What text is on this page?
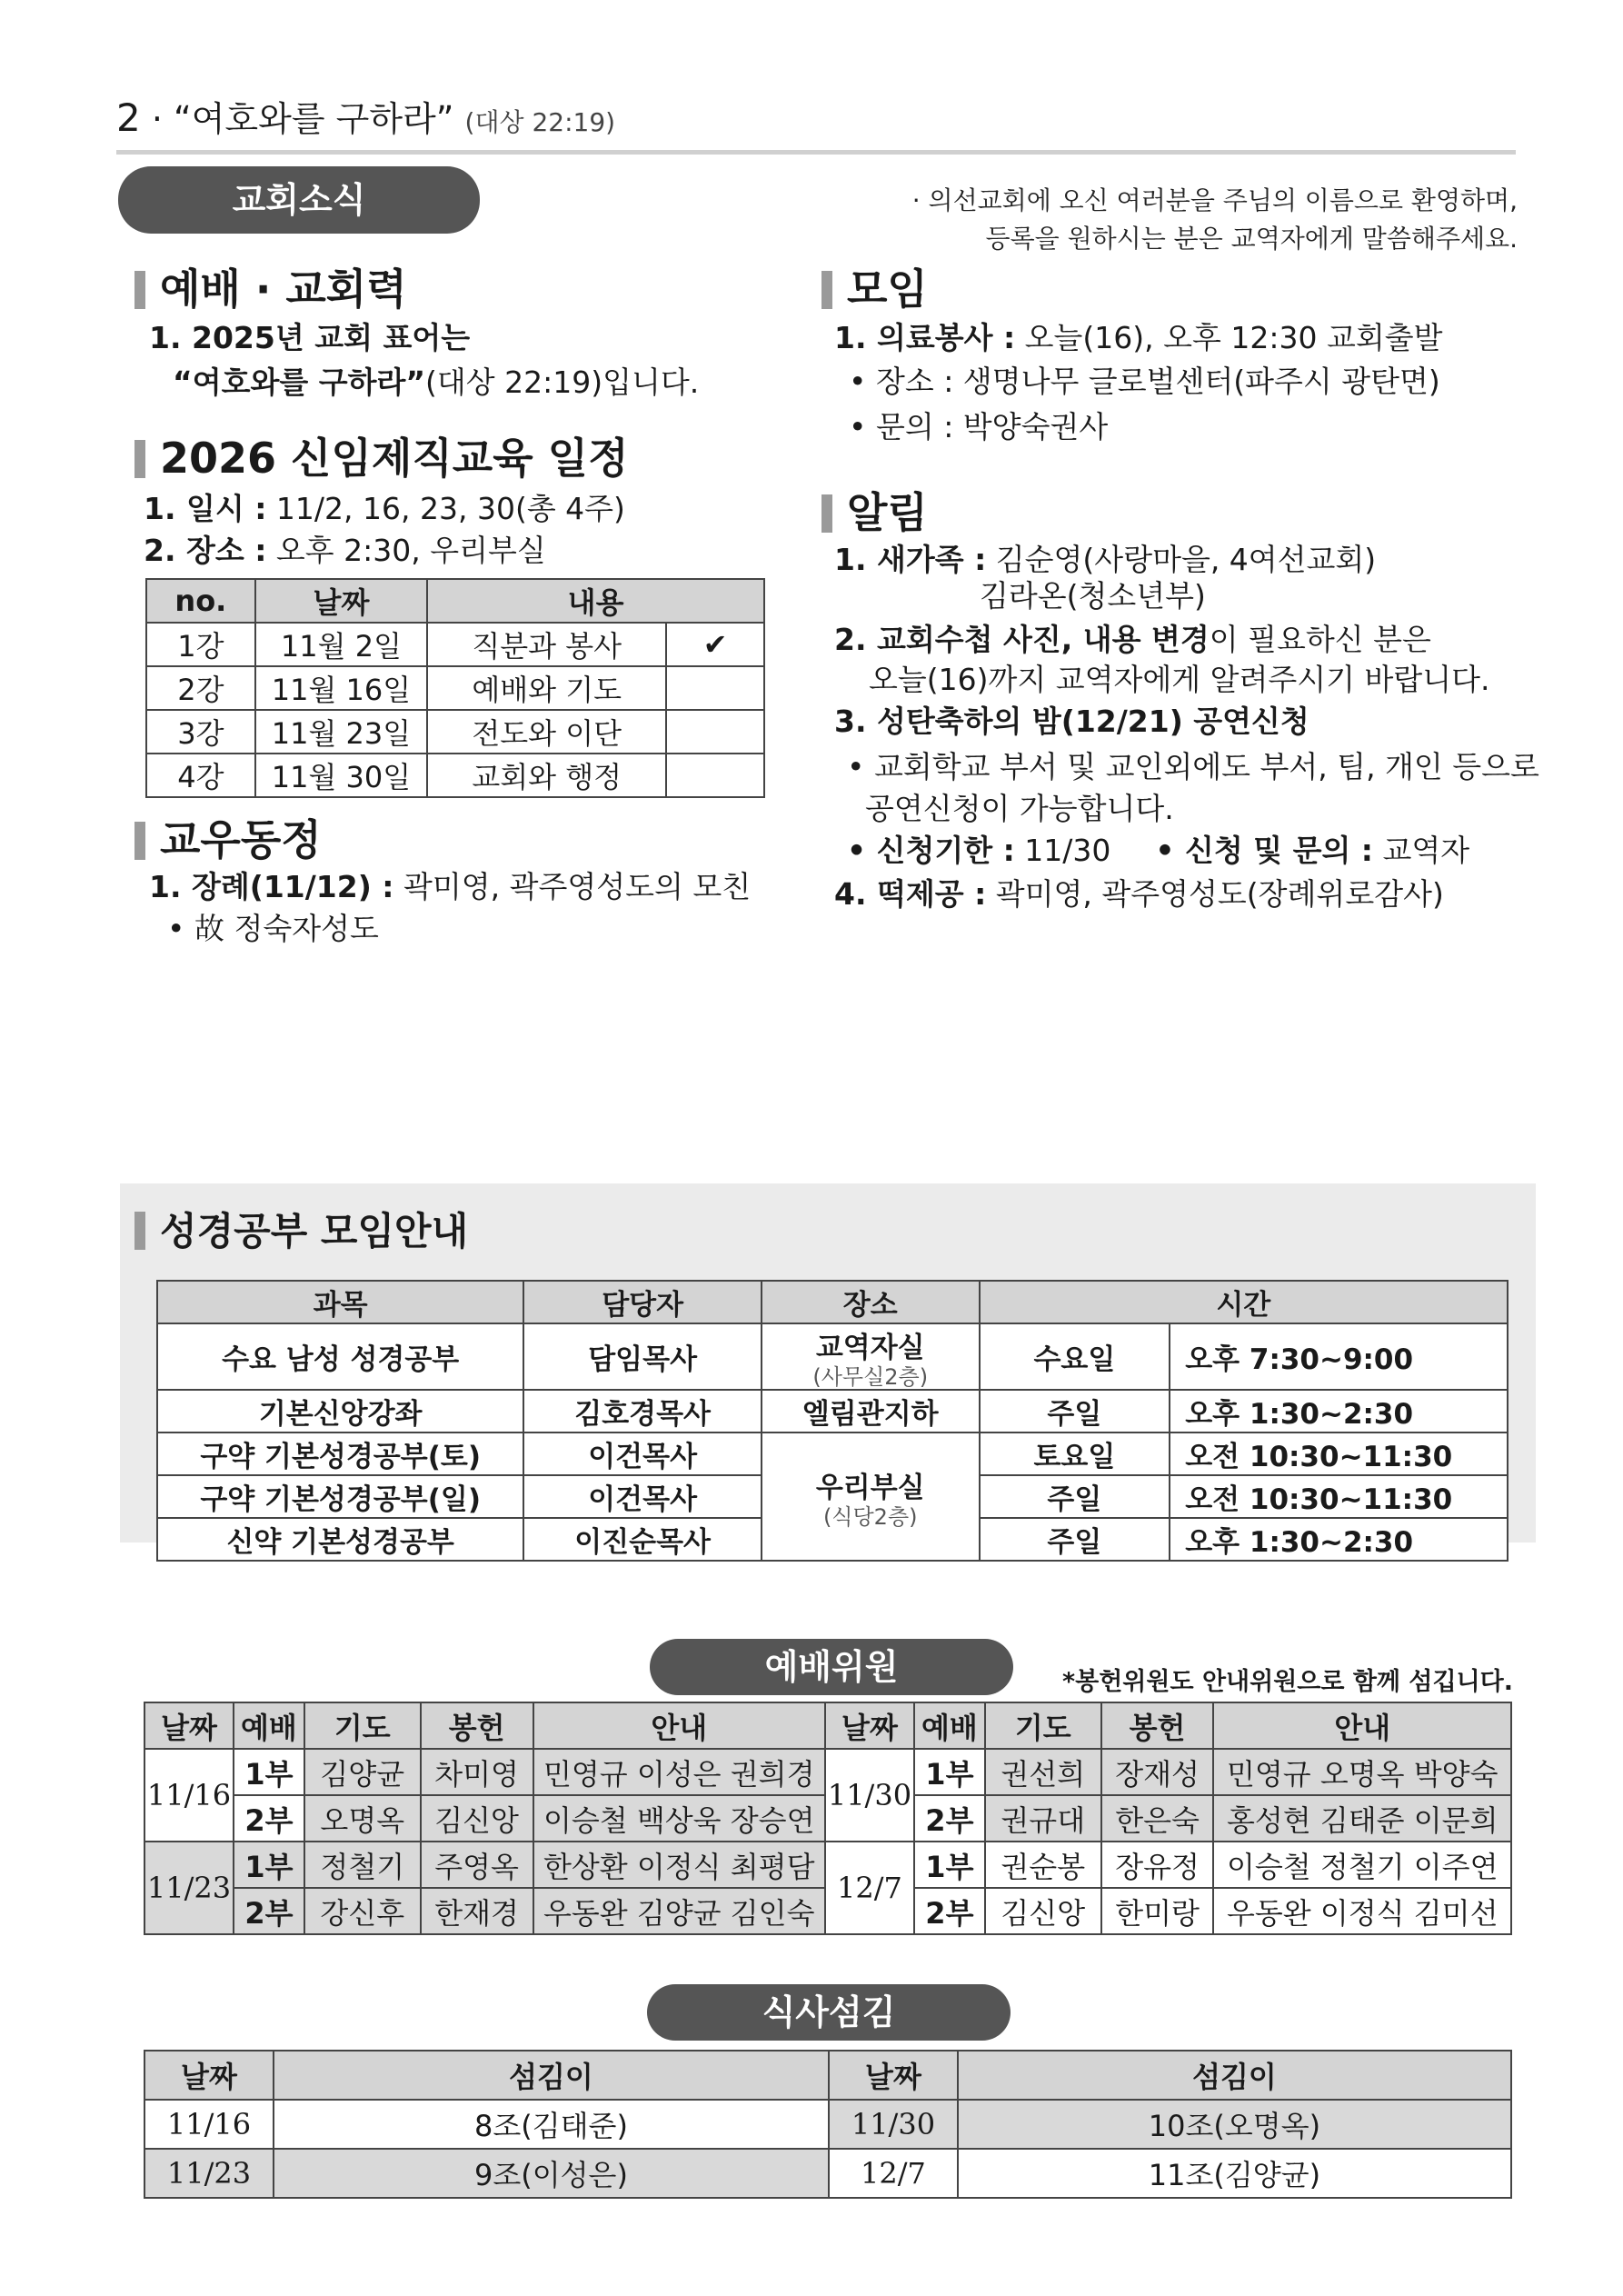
2 · “여호와를 구하라” (대상 22:19)
교회소식	· 의선교회에 오신 여러분을 주님의 이름으로 환영하며,
등록을 원하시는 분은 교역자에게 말씀해주세요.
예배 · 교회력
1. 2025년 교회 표어는
“여호와를 구하라”(대상 22:19)입니다.
2026 신임제직교육 일정
1. 일시 : 11/2, 16, 23, 30(총 4주)
2. 장소 : 오후 2:30, 우리부실
no.	날짜	내용	
1강	11월 2일	직분과 봉사	✔
2강	11월 16일	예배와 기도	
3강	11월 23일	전도와 이단	
4강	11월 30일	교회와 행정	
교우동정
1. 장례(11/12) : 곽미영, 곽주영성도의 모친
• 故 정숙자성도
모임
1. 의료봉사 : 오늘(16), 오후 12:30 교회출발
• 장소 : 생명나무 글로벌센터(파주시 광탄면)
• 문의 : 박양숙권사
알림
1. 새가족 : 김순영(사랑마을, 4여선교회)
김라온(청소년부)
2. 교회수첩 사진, 내용 변경이 필요하신 분은
오늘(16)까지 교역자에게 알려주시기 바랍니다.
3. 성탄축하의 밤(12/21) 공연신청
• 교회학교 부서 및 교인외에도 부서, 팀, 개인 등으로
공연신청이 가능합니다.
• 신청기한 : 11/30 • 신청 및 문의 : 교역자
4. 떡제공 : 곽미영, 곽주영성도(장례위로감사)
성경공부 모임안내
과목	담당자	장소	시간	
수요 남성 성경공부	담임목사	교역자실
(사무실2층)	수요일	오후 7:30~9:00
기본신앙강좌	김호경목사	엘림관지하	주일	오후 1:30~2:30
구약 기본성경공부(토)	이건목사	우리부실
(식당2층)	토요일	오전 10:30~11:30
구약 기본성경공부(일)	이건목사		주일	오전 10:30~11:30
신약 기본성경공부	이진순목사		주일	오후 1:30~2:30
예배위원	*봉헌위원도 안내위원으로 함께 섬깁니다.
날짜	예배	기도	봉헌	안내	날짜	예배	기도	봉헌	안내
11/16	1부	김양균	차미영	민영규 이성은 권희경	11/30	1부	권선희	장재성	민영규 오명옥 박양숙
	2부	오명옥	김신앙	이승철 백상욱 장승연		2부	권규대	한은숙	홍성현 김태준 이문희
11/23	1부	정철기	주영옥	한상환 이정식 최평담	12/7	1부	권순봉	장유정	이승철 정철기 이주연
	2부	강신후	한재경	우동완 김양균 김인숙		2부	김신앙	한미랑	우동완 이정식 김미선
식사섬김
날짜	섬김이	날짜	섬김이
11/16	8조(김태준)	11/30	10조(오명옥)
11/23	9조(이성은)	12/7	11조(김양균)
